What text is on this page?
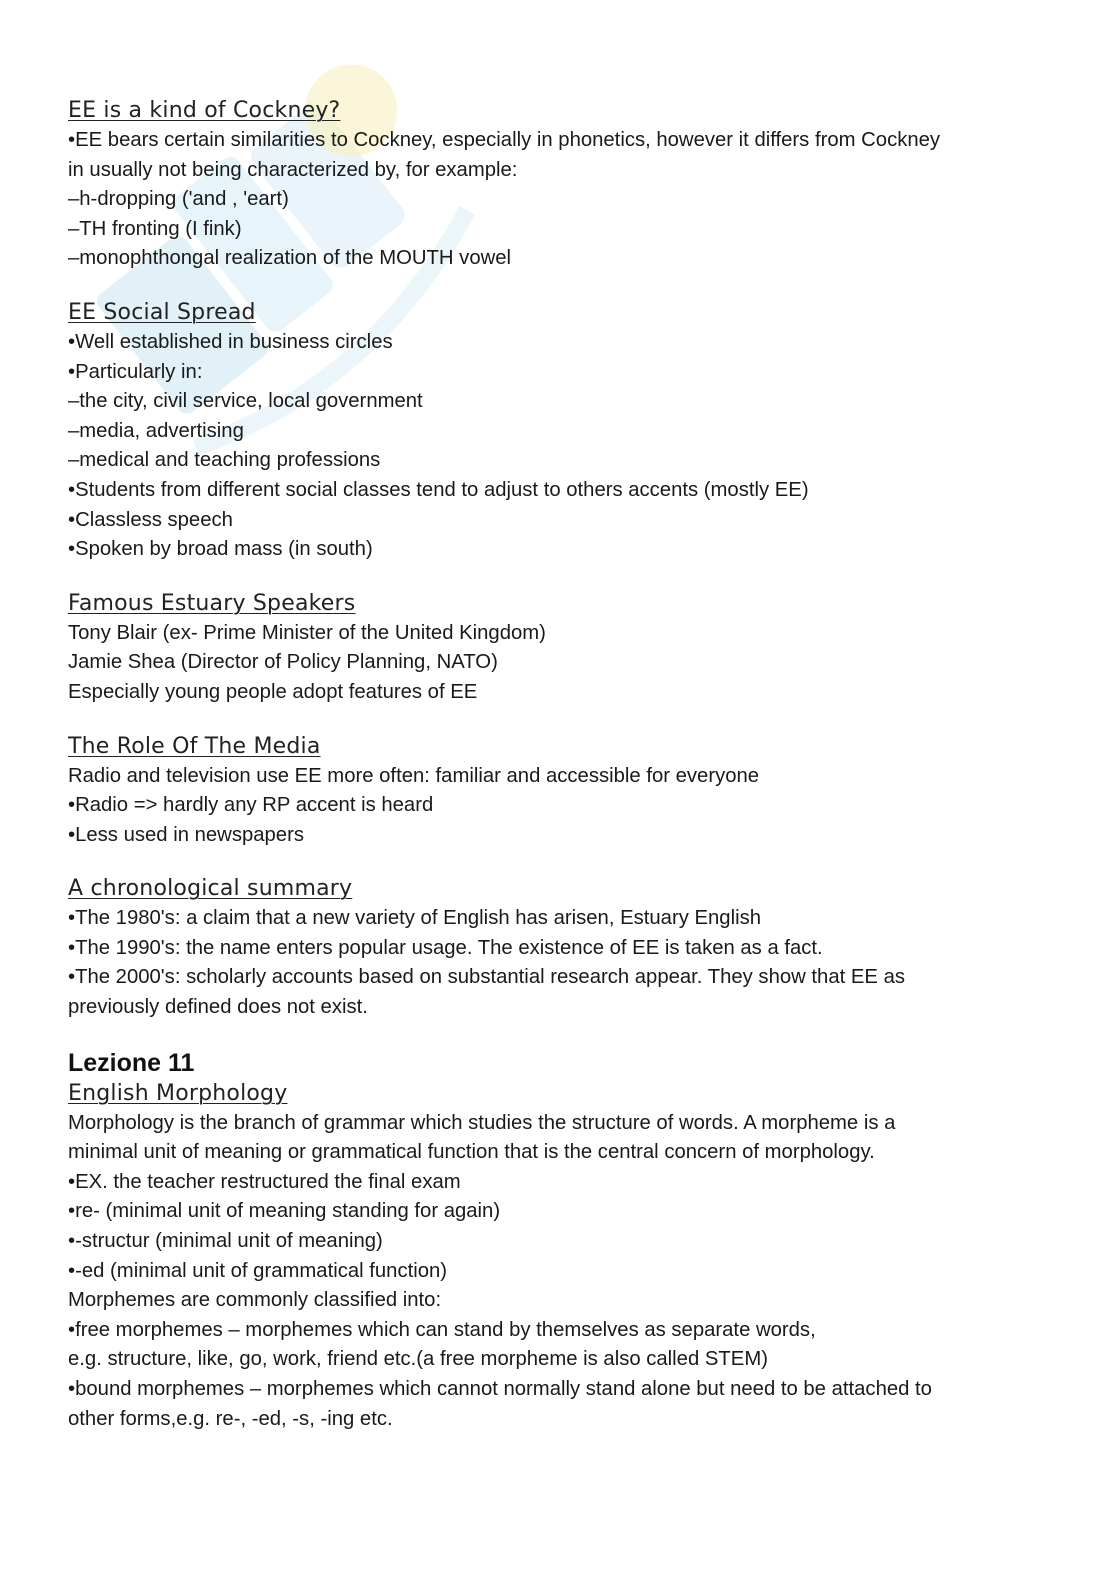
EE is a kind of Cockney?

•EE bears certain similarities to Cockney, especially in phonetics, however it differs from Cockney

in usually not being characterized by, for example:

–h-dropping ('and , 'eart)

–TH fronting (I fink)

–monophthongal realization of the MOUTH vowel

EE Social Spread

•Well established in business circles

•Particularly in:

–the city, civil service, local government

–media, advertising

–medical and teaching professions

•Students from different social classes tend to adjust to others accents (mostly EE)

•Classless speech

•Spoken by broad mass (in south)

Famous Estuary Speakers

Tony Blair (ex- Prime Minister of the United Kingdom)

Jamie Shea (Director of Policy Planning, NATO)

Especially young people adopt features of EE

The Role Of The Media

Radio and television use EE more often: familiar and accessible for everyone

•Radio => hardly any RP accent is heard

•Less used in newspapers

A chronological summary

•The 1980's: a claim that a new variety of English has arisen, Estuary English

•The 1990's: the name enters popular usage. The existence of EE is taken as a fact.

•The 2000's: scholarly accounts based on substantial research appear. They show that EE as

previously defined does not exist.

Lezione 11
English Morphology

Morphology is the branch of grammar which studies the structure of words. A morpheme is a

minimal unit of meaning or grammatical function that is the central concern of morphology.

•EX. the teacher restructured the final exam

•re- (minimal unit of meaning standing for again)

•-structur (minimal unit of meaning)

•-ed (minimal unit of grammatical function)

Morphemes are commonly classified into:

•free morphemes – morphemes which can stand by themselves as separate words,

e.g. structure, like, go, work, friend etc.(a free morpheme is also called STEM)

•bound morphemes – morphemes which cannot normally stand alone but need to be attached to

other forms,e.g. re-, -ed, -s, -ing etc.
